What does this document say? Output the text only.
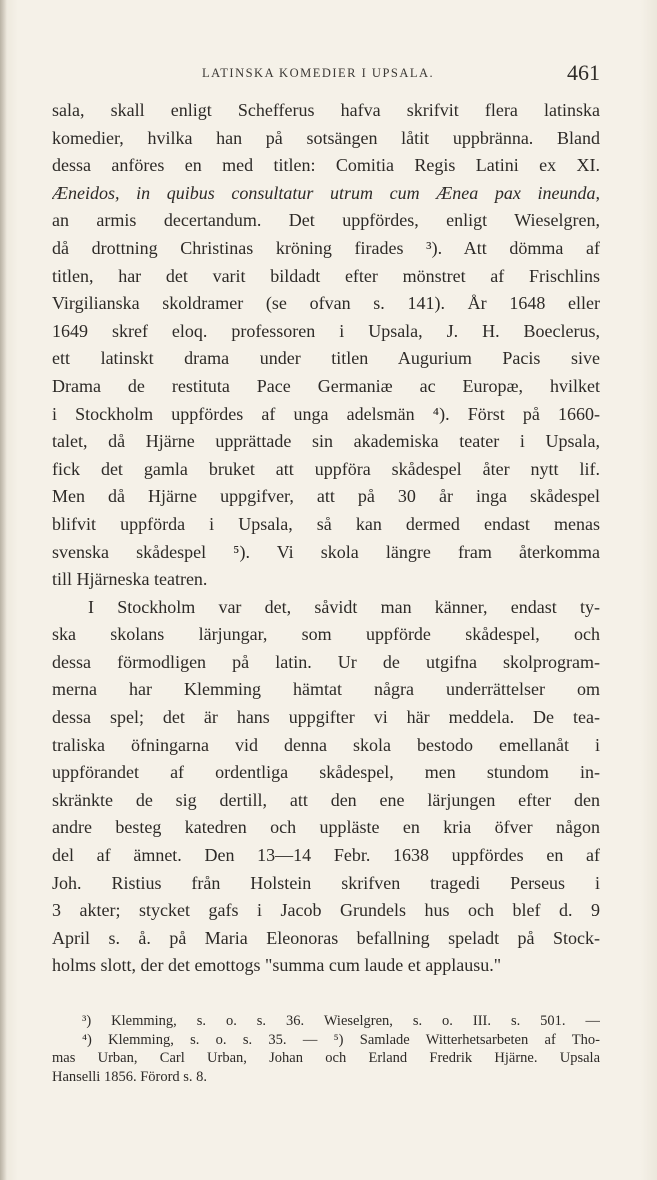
LATINSKA KOMEDIER I UPSALA.	461
sala, skall enligt Schefferus hafva skrifvit flera latinska
komedier, hvilka han på sotsängen låtit uppbränna. Bland
dessa anföres en med titlen: Comitia Regis Latini ex XI.
Æneidos, in quibus consultatur utrum cum Ænea pax ineunda,
an armis decertandum. Det uppfördes, enligt Wieselgren,
då drottning Christinas kröning firades ³). Att dömma af
titlen, har det varit bildadt efter mönstret af Frischlins
Virgilianska skoldramer (se ofvan s. 141). År 1648 eller
1649 skref eloq. professoren i Upsala, J. H. Boeclerus,
ett latinskt drama under titlen Augurium Pacis sive
Drama de restituta Pace Germaniæ ac Europæ, hvilket
i Stockholm uppfördes af unga adelsmän ⁴). Först på 1660-
talet, då Hjärne upprättade sin akademiska teater i Upsala,
fick det gamla bruket att uppföra skådespel åter nytt lif.
Men då Hjärne uppgifver, att på 30 år inga skådespel
blifvit uppförda i Upsala, så kan dermed endast menas
svenska skådespel ⁵). Vi skola längre fram återkomma
till Hjärneska teatren.
I Stockholm var det, såvidt man känner, endast ty-
ska skolans lärjungar, som uppförde skådespel, och
dessa förmodligen på latin. Ur de utgifna skolprogram-
merna har Klemming hämtat några underrättelser om
dessa spel; det är hans uppgifter vi här meddela. De tea-
traliska öfningarna vid denna skola bestodo emellanåt i
uppförandet af ordentliga skådespel, men stundom in-
skränkte de sig dertill, att den ene lärjungen efter den
andre besteg katedren och uppläste en kria öfver någon
del af ämnet. Den 13—14 Febr. 1638 uppfördes en af
Joh. Ristius från Holstein skrifven tragedi Perseus i
3 akter; stycket gafs i Jacob Grundels hus och blef d. 9
April s. å. på Maria Eleonoras befallning speladt på Stock-
holms slott, der det emottogs "summa cum laude et applausu."
³) Klemming, s. o. s. 36. Wieselgren, s. o. III. s. 501. —
⁴) Klemming, s. o. s. 35. — ⁵) Samlade Witterhetsarbeten af Tho-
mas Urban, Carl Urban, Johan och Erland Fredrik Hjärne. Upsala
Hanselli 1856. Förord s. 8.
